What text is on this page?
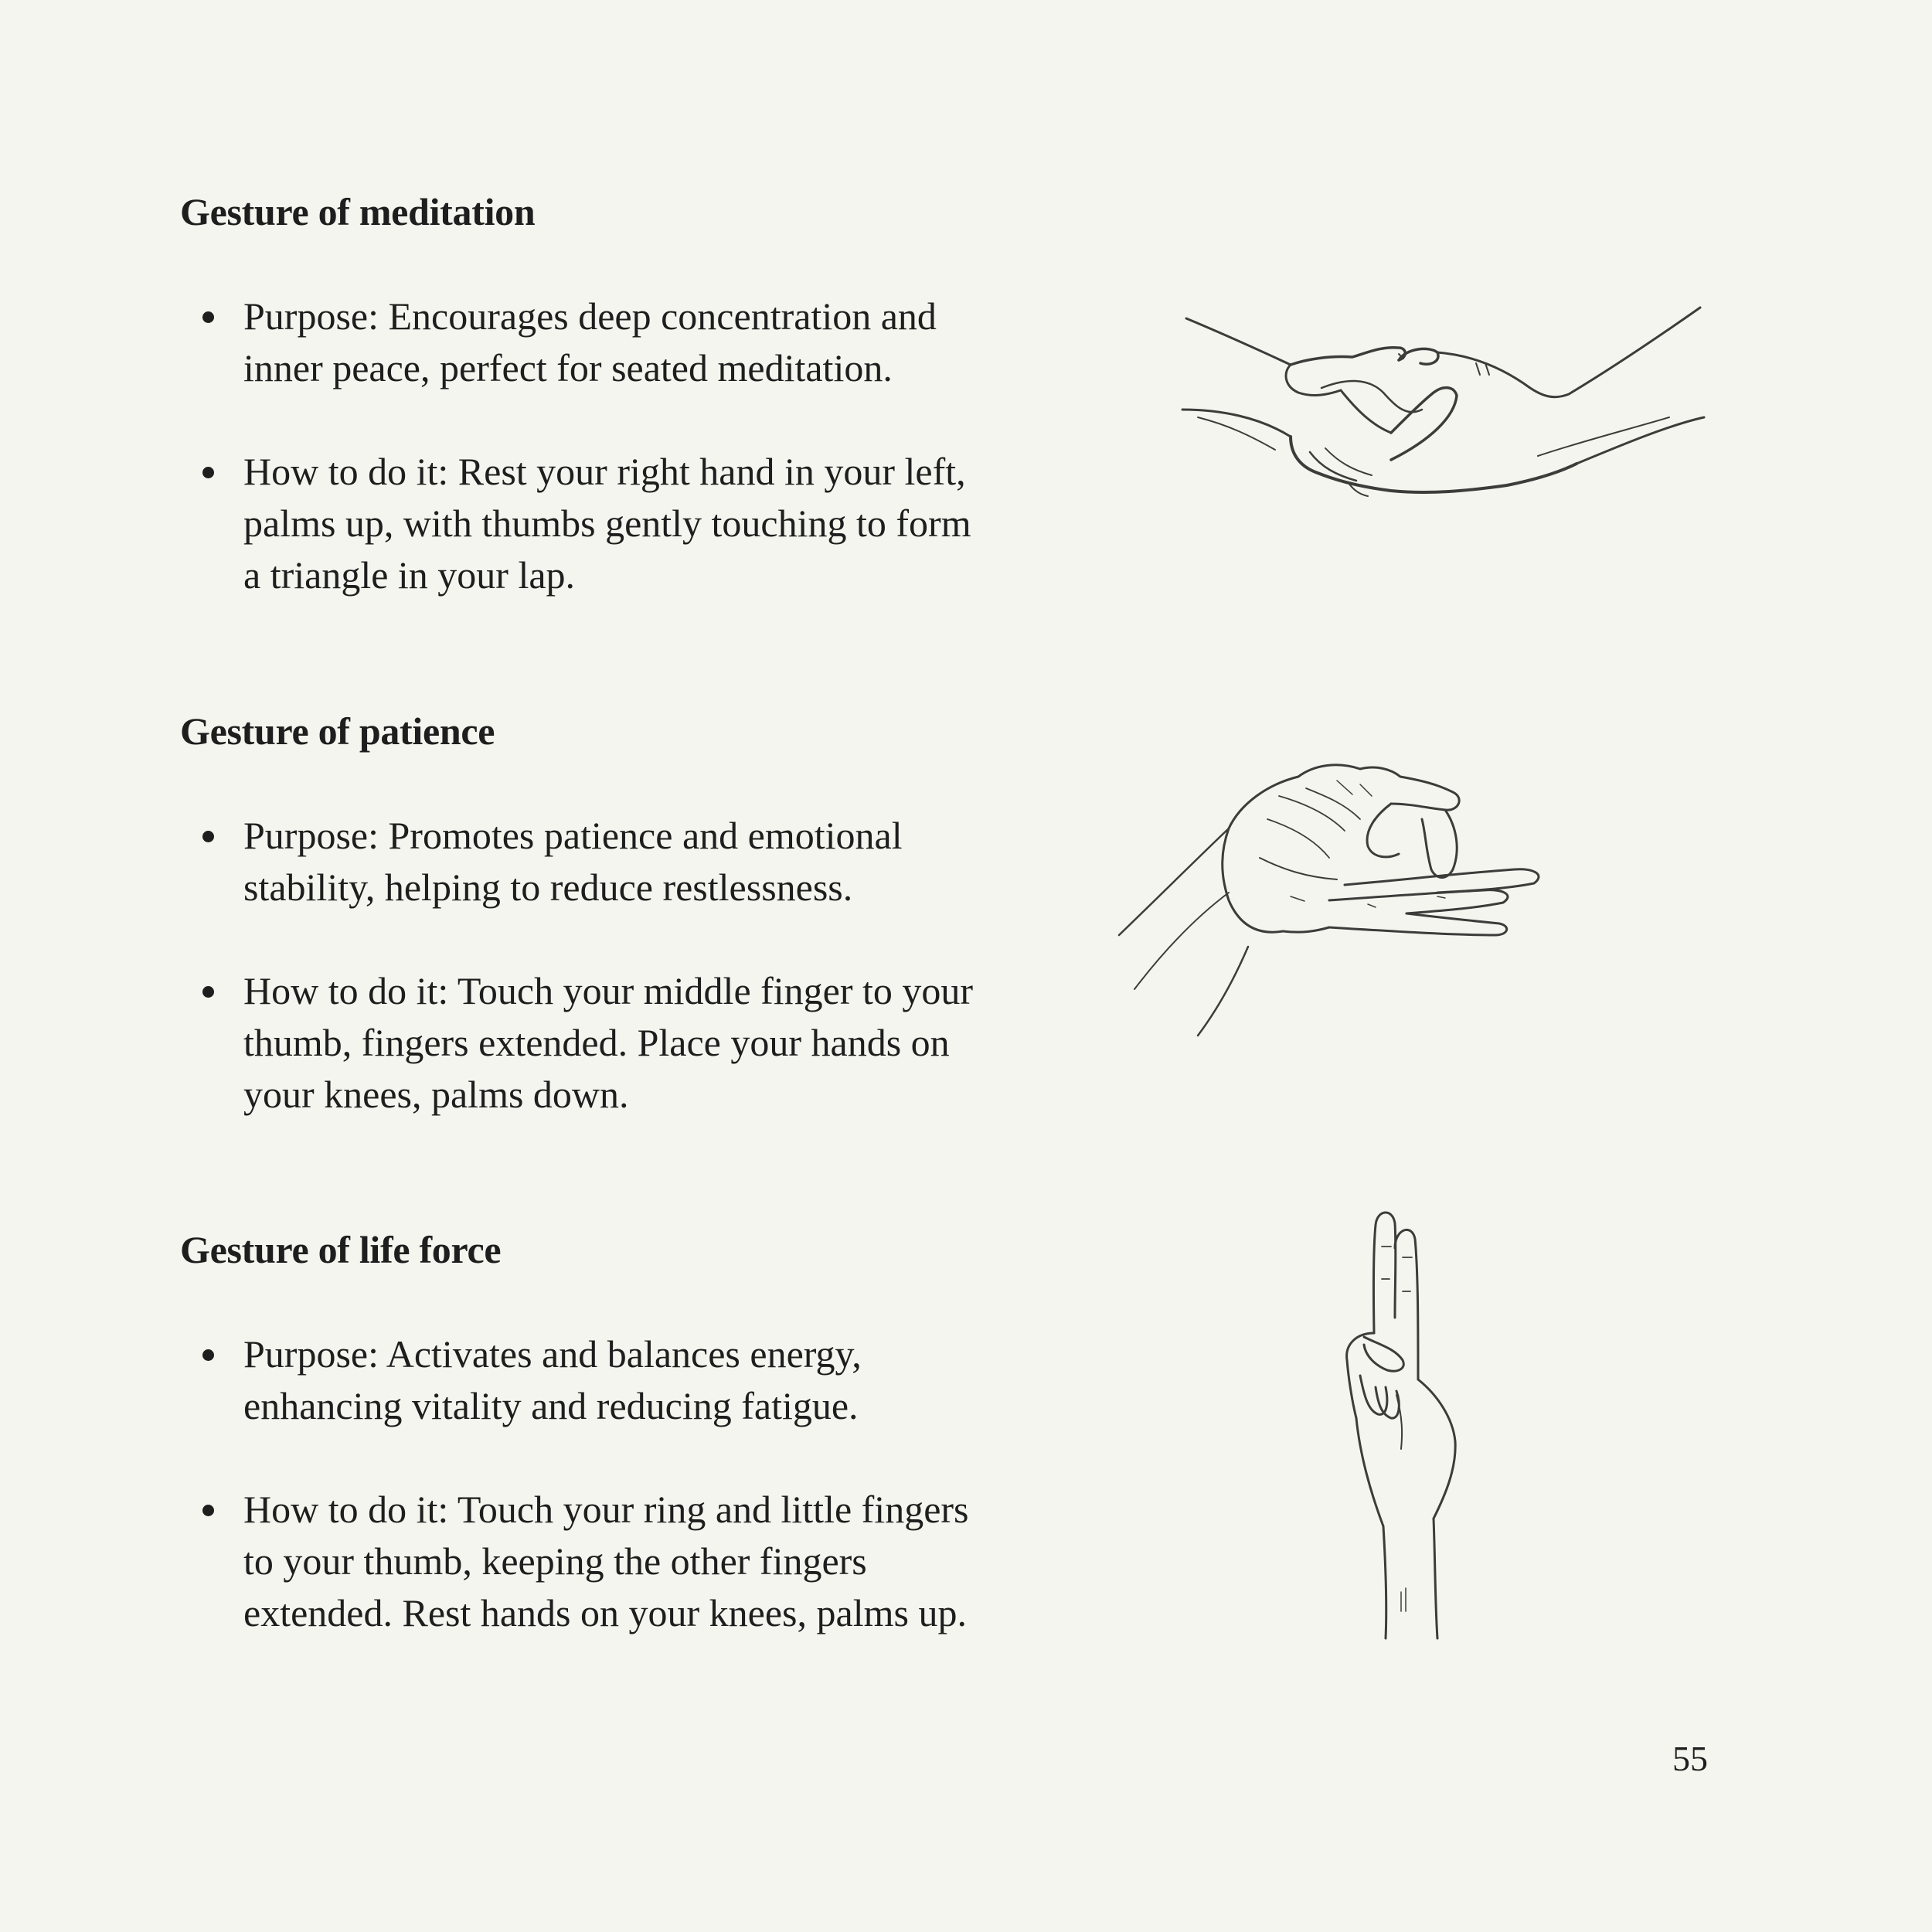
Gesture of meditation
Purpose: Encourages deep concentration and inner peace, perfect for seated meditation.
How to do it: Rest your right hand in your left, palms up, with thumbs gently touching to form a triangle in your lap.
Gesture of patience
Purpose: Promotes patience and emotional stability, helping to reduce restlessness.
How to do it: Touch your middle finger to your thumb, fingers extended. Place your hands on your knees, palms down.
Gesture of life force
Purpose: Activates and balances energy, enhancing vitality and reducing fatigue.
How to do it: Touch your ring and little fingers to your thumb, keeping the other fingers extended. Rest hands on your knees, palms up.
55
